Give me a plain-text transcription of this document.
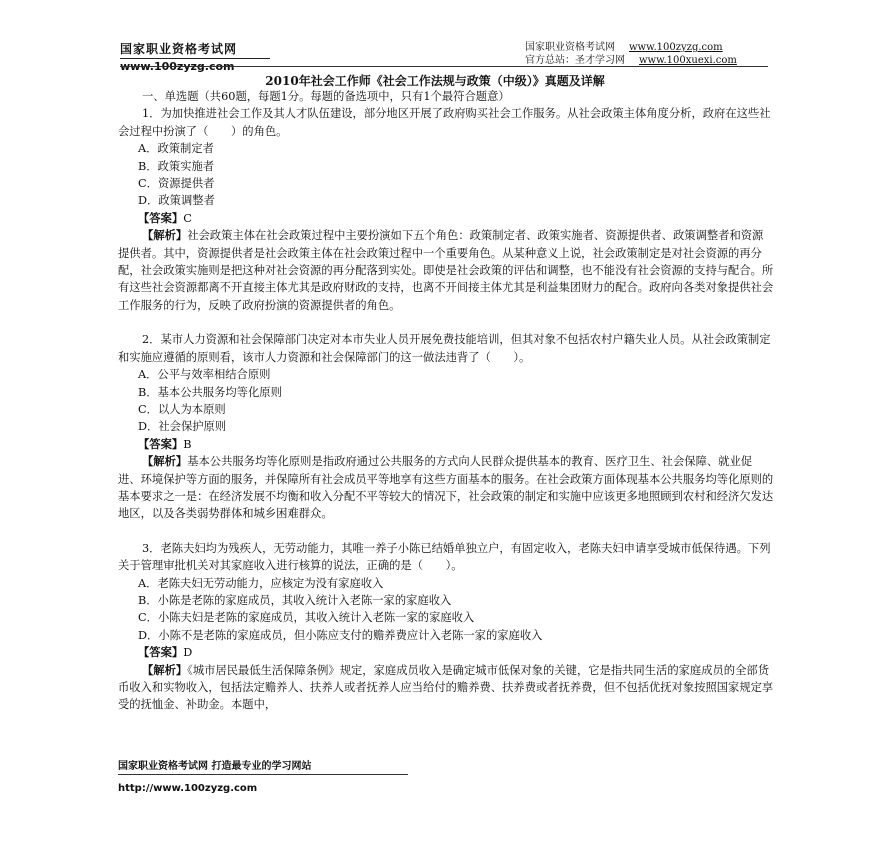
国家职业资格考试网
www.100zyzg.com
国家职业资格考试网 www.100zyzg.com
官方总站：圣才学习网 www.100xuexi.com
2010年社会工作师《社会工作法规与政策（中级）》真题及详解

一、单选题（共60题，每题1分。每题的备选项中，只有1个最符合题意）

1．为加快推进社会工作及其人才队伍建设，部分地区开展了政府购买社会工作服务。从社会政策主体角度分析，政府在这些社会过程中扮演了（　　）的角色。

A．政策制定者

B．政策实施者

C．资源提供者

D．政策调整者

【答案】C

【解析】社会政策主体在社会政策过程中主要扮演如下五个角色：政策制定者、政策实施者、资源提供者、政策调整者和资源提供者。其中，资源提供者是社会政策主体在社会政策过程中一个重要角色。从某种意义上说，社会政策制定是对社会资源的再分配，社会政策实施则是把这种对社会资源的再分配落到实处。即使是社会政策的评估和调整，也不能没有社会资源的支持与配合。所有这些社会资源都离不开直接主体尤其是政府财政的支持，也离不开间接主体尤其是利益集团财力的配合。政府向各类对象提供社会工作服务的行为，反映了政府扮演的资源提供者的角色。

2．某市人力资源和社会保障部门决定对本市失业人员开展免费技能培训，但其对象不包括农村户籍失业人员。从社会政策制定和实施应遵循的原则看，该市人力资源和社会保障部门的这一做法违背了（　　）。

A．公平与效率相结合原则

B．基本公共服务均等化原则

C．以人为本原则

D．社会保护原则

【答案】B

【解析】基本公共服务均等化原则是指政府通过公共服务的方式向人民群众提供基本的教育、医疗卫生、社会保障、就业促进、环境保护等方面的服务，并保障所有社会成员平等地享有这些方面基本的服务。在社会政策方面体现基本公共服务均等化原则的基本要求之一是：在经济发展不均衡和收入分配不平等较大的情况下，社会政策的制定和实施中应该更多地照顾到农村和经济欠发达地区，以及各类弱势群体和城乡困难群众。

3．老陈夫妇均为残疾人，无劳动能力，其唯一养子小陈已结婚单独立户，有固定收入，老陈夫妇申请享受城市低保待遇。下列关于管理审批机关对其家庭收入进行核算的说法，正确的是（　　）。

A．老陈夫妇无劳动能力，应核定为没有家庭收入

B．小陈是老陈的家庭成员，其收入统计入老陈一家的家庭收入

C．小陈夫妇是老陈的家庭成员，其收入统计入老陈一家的家庭收入

D．小陈不是老陈的家庭成员，但小陈应支付的赡养费应计入老陈一家的家庭收入

【答案】D

【解析】《城市居民最低生活保障条例》规定，家庭成员收入是确定城市低保对象的关键，它是指共同生活的家庭成员的全部货币收入和实物收入，包括法定赡养人、扶养人或者抚养人应当给付的赡养费、扶养费或者抚养费，但不包括优抚对象按照国家规定享受的抚恤金、补助金。本题中，

国家职业资格考试网 打造最专业的学习网站
http://www.100zyzg.com
